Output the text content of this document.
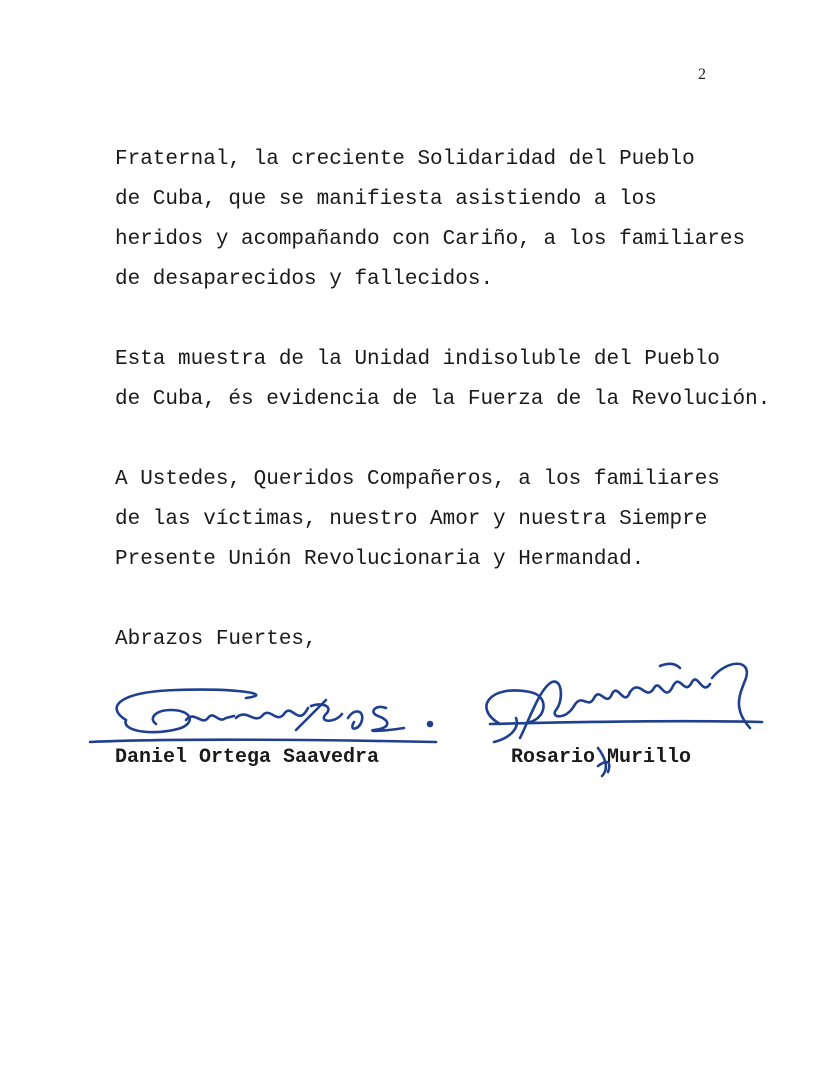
2

Fraternal, la creciente Solidaridad del Pueblo
de Cuba, que se manifiesta asistiendo a los
heridos y acompañando con Cariño, a los familiares
de desaparecidos y fallecidos.

Esta muestra de la Unidad indisoluble del Pueblo
de Cuba, és evidencia de la Fuerza de la Revolución.

A Ustedes, Queridos Compañeros, a los familiares
de las víctimas, nuestro Amor y nuestra Siempre
Presente Unión Revolucionaria y Hermandad.

Abrazos Fuertes,

Daniel Ortega Saavedra	Rosario Murillo
